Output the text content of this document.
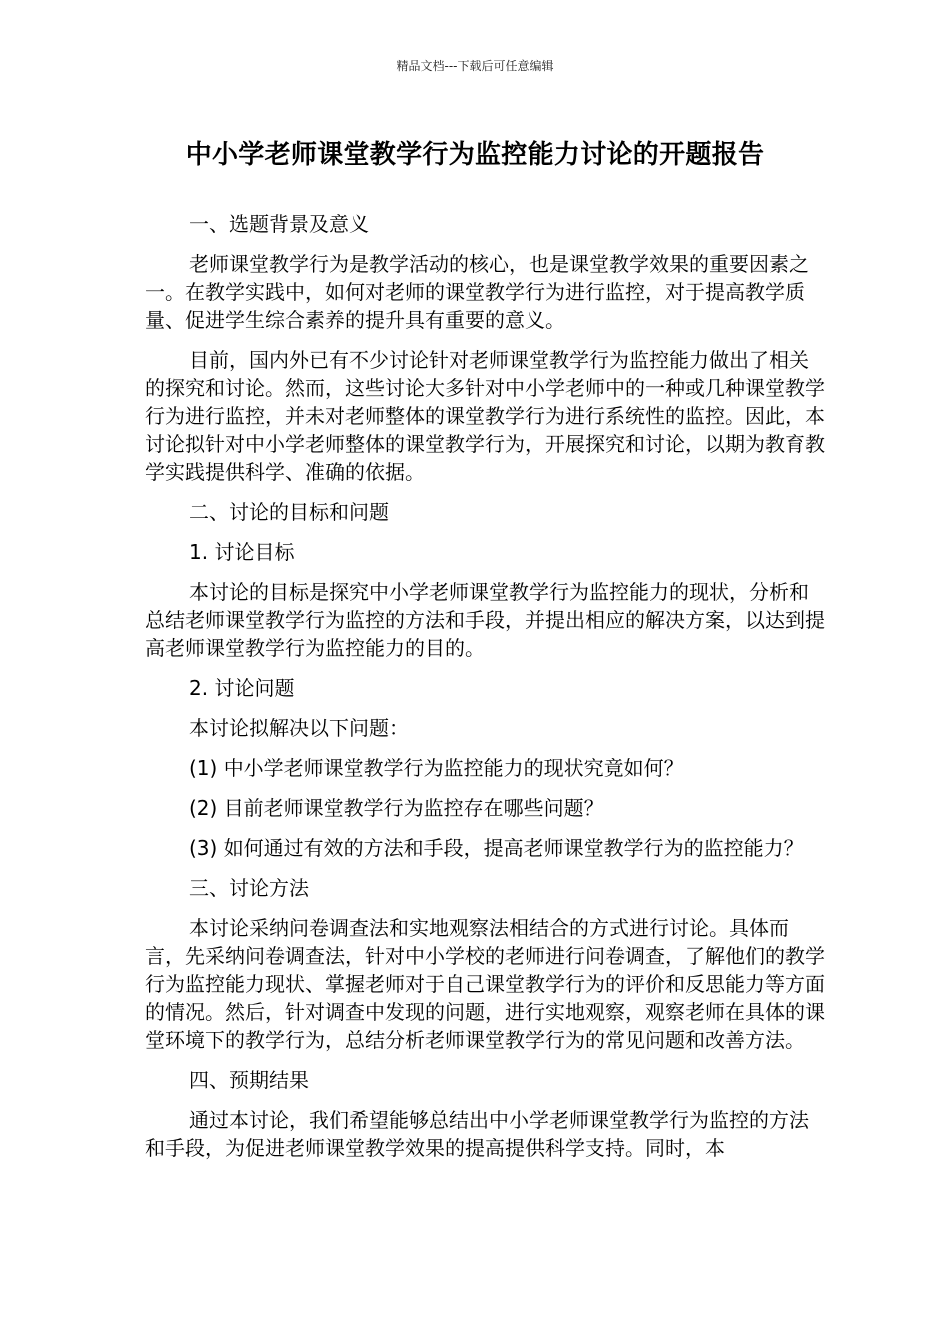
精品文档---下载后可任意编辑
中小学老师课堂教学行为监控能力讨论的开题报告

一、选题背景及意义

老师课堂教学行为是教学活动的核心，也是课堂教学效果的重要因素之一。在教学实践中，如何对老师的课堂教学行为进行监控，对于提高教学质量、促进学生综合素养的提升具有重要的意义。

目前，国内外已有不少讨论针对老师课堂教学行为监控能力做出了相关的探究和讨论。然而，这些讨论大多针对中小学老师中的一种或几种课堂教学行为进行监控，并未对老师整体的课堂教学行为进行系统性的监控。因此，本讨论拟针对中小学老师整体的课堂教学行为，开展探究和讨论，以期为教育教学实践提供科学、准确的依据。

二、讨论的目标和问题

1. 讨论目标

本讨论的目标是探究中小学老师课堂教学行为监控能力的现状，分析和总结老师课堂教学行为监控的方法和手段，并提出相应的解决方案，以达到提高老师课堂教学行为监控能力的目的。

2. 讨论问题

本讨论拟解决以下问题：

(1) 中小学老师课堂教学行为监控能力的现状究竟如何？

(2) 目前老师课堂教学行为监控存在哪些问题？

(3) 如何通过有效的方法和手段，提高老师课堂教学行为的监控能力？

三、讨论方法

本讨论采纳问卷调查法和实地观察法相结合的方式进行讨论。具体而言，先采纳问卷调查法，针对中小学校的老师进行问卷调查，了解他们的教学行为监控能力现状、掌握老师对于自己课堂教学行为的评价和反思能力等方面的情况。然后，针对调查中发现的问题，进行实地观察，观察老师在具体的课堂环境下的教学行为，总结分析老师课堂教学行为的常见问题和改善方法。

四、预期结果

通过本讨论，我们希望能够总结出中小学老师课堂教学行为监控的方法和手段，为促进老师课堂教学效果的提高提供科学支持。同时，本
